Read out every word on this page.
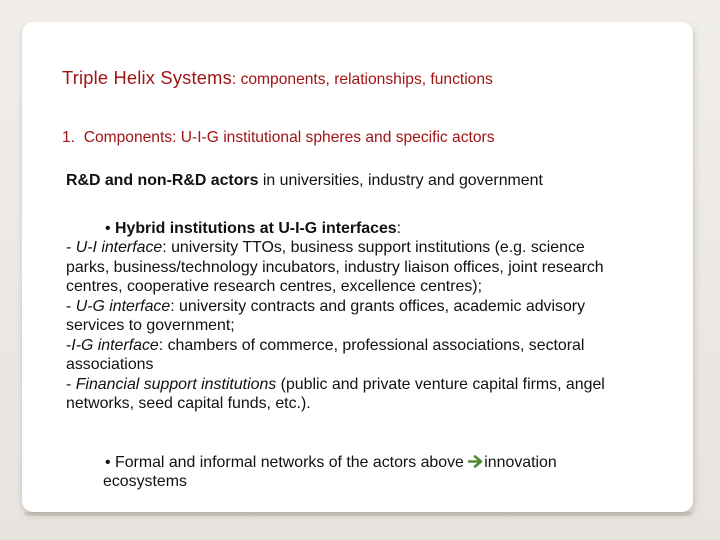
Triple Helix Systems: components, relationships, functions
1. Components: U-I-G institutional spheres and specific actors
R&D and non-R&D actors in universities, industry and government
• Hybrid institutions at U-I-G interfaces:
- U-I interface: university TTOs, business support institutions (e.g. science
parks, business/technology incubators, industry liaison offices, joint research
centres, cooperative research centres, excellence centres);
- U-G interface: university contracts and grants offices, academic advisory
services to government;
-I-G interface: chambers of commerce, professional associations, sectoral
associations
- Financial support institutions (public and private venture capital firms, angel
networks, seed capital funds, etc.).
• Formal and informal networks of the actors above innovation
ecosystems
